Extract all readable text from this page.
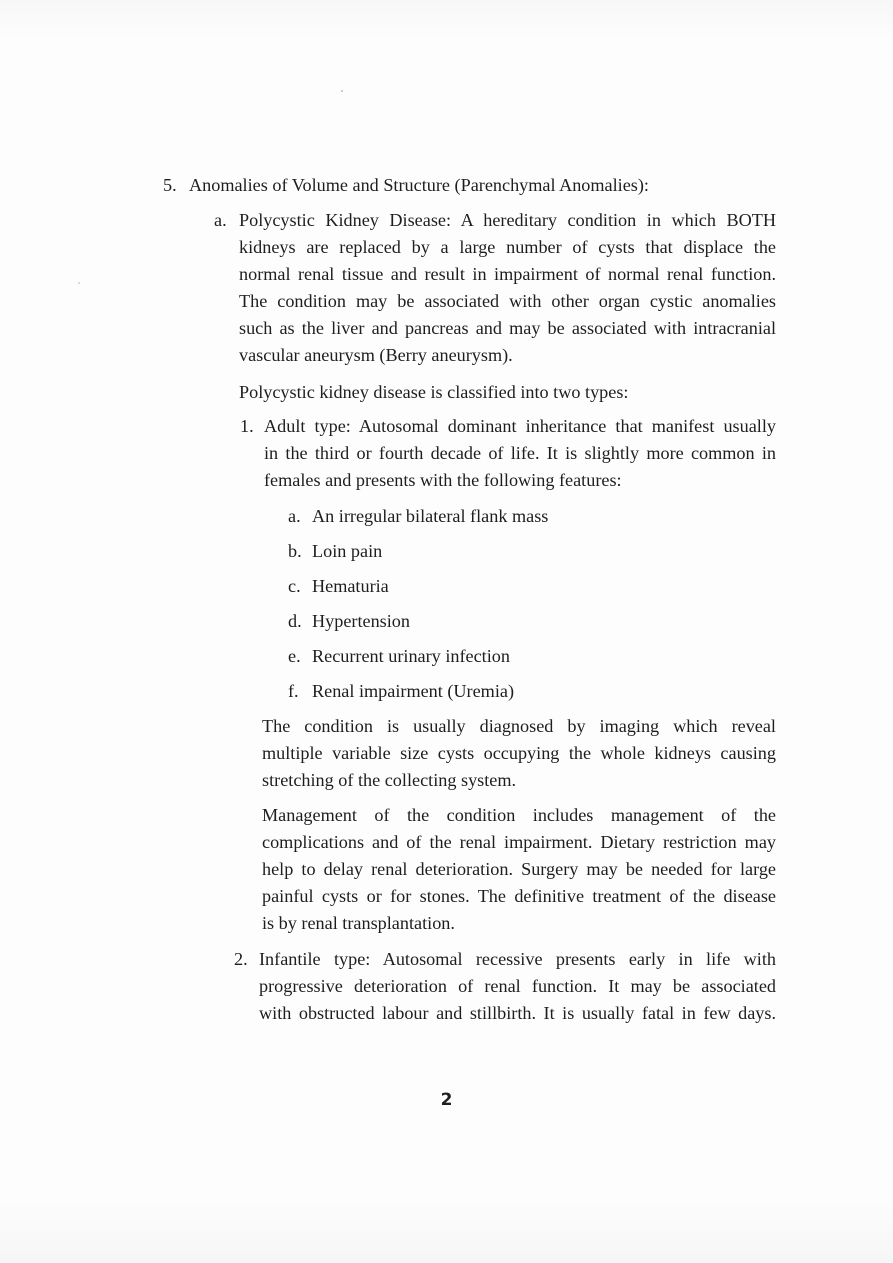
5. Anomalies of Volume and Structure (Parenchymal Anomalies):
a. Polycystic Kidney Disease: A hereditary condition in which BOTH
kidneys are replaced by a large number of cysts that displace the
normal renal tissue and result in impairment of normal renal function.
The condition may be associated with other organ cystic anomalies
such as the liver and pancreas and may be associated with intracranial
vascular aneurysm (Berry aneurysm).
Polycystic kidney disease is classified into two types:
1. Adult type: Autosomal dominant inheritance that manifest usually
in the third or fourth decade of life. It is slightly more common in
females and presents with the following features:
a. An irregular bilateral flank mass
b. Loin pain
c. Hematuria
d. Hypertension
e. Recurrent urinary infection
f. Renal impairment (Uremia)
The condition is usually diagnosed by imaging which reveal
multiple variable size cysts occupying the whole kidneys causing
stretching of the collecting system.
Management of the condition includes management of the
complications and of the renal impairment. Dietary restriction may
help to delay renal deterioration. Surgery may be needed for large
painful cysts or for stones. The definitive treatment of the disease
is by renal transplantation.
2. Infantile type: Autosomal recessive presents early in life with
progressive deterioration of renal function. It may be associated
with obstructed labour and stillbirth. It is usually fatal in few days.
2
